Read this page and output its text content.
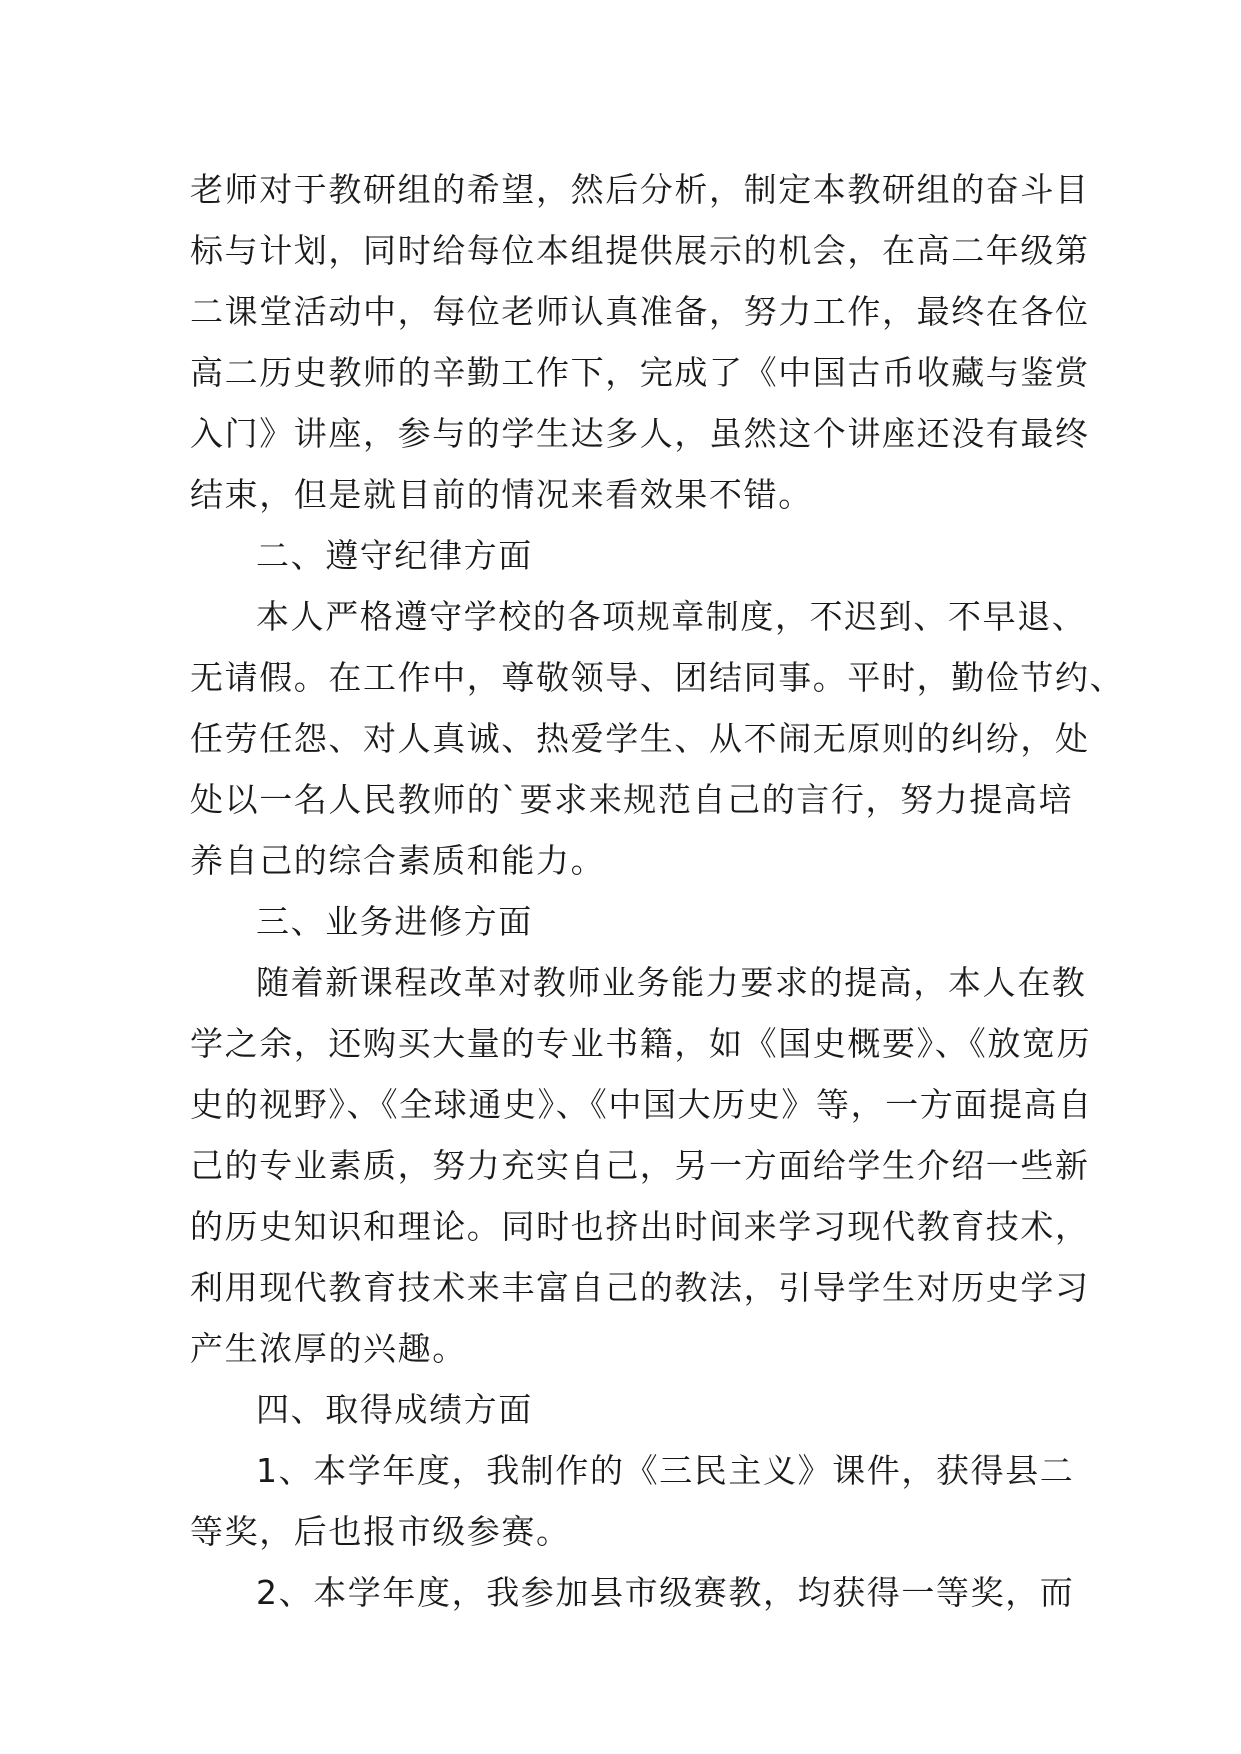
老师对于教研组的希望，然后分析，制定本教研组的奋斗目
标与计划，同时给每位本组提供展示的机会，在高二年级第
二课堂活动中，每位老师认真准备，努力工作，最终在各位
高二历史教师的辛勤工作下，完成了《中国古币收藏与鉴赏
入门》讲座，参与的学生达多人，虽然这个讲座还没有最终
结束，但是就目前的情况来看效果不错。
二、遵守纪律方面
本人严格遵守学校的各项规章制度，不迟到、不早退、
无请假。在工作中，尊敬领导、团结同事。平时，勤俭节约、
任劳任怨、对人真诚、热爱学生、从不闹无原则的纠纷，处
处以一名人民教师的`要求来规范自己的言行，努力提高培
养自己的综合素质和能力。
三、业务进修方面
随着新课程改革对教师业务能力要求的提高，本人在教
学之余，还购买大量的专业书籍，如《国史概要》、《放宽历
史的视野》、《全球通史》、《中国大历史》等，一方面提高自
己的专业素质，努力充实自己，另一方面给学生介绍一些新
的历史知识和理论。同时也挤出时间来学习现代教育技术，
利用现代教育技术来丰富自己的教法，引导学生对历史学习
产生浓厚的兴趣。
四、取得成绩方面
1、本学年度，我制作的《三民主义》课件，获得县二
等奖，后也报市级参赛。
2、本学年度，我参加县市级赛教，均获得一等奖，而
